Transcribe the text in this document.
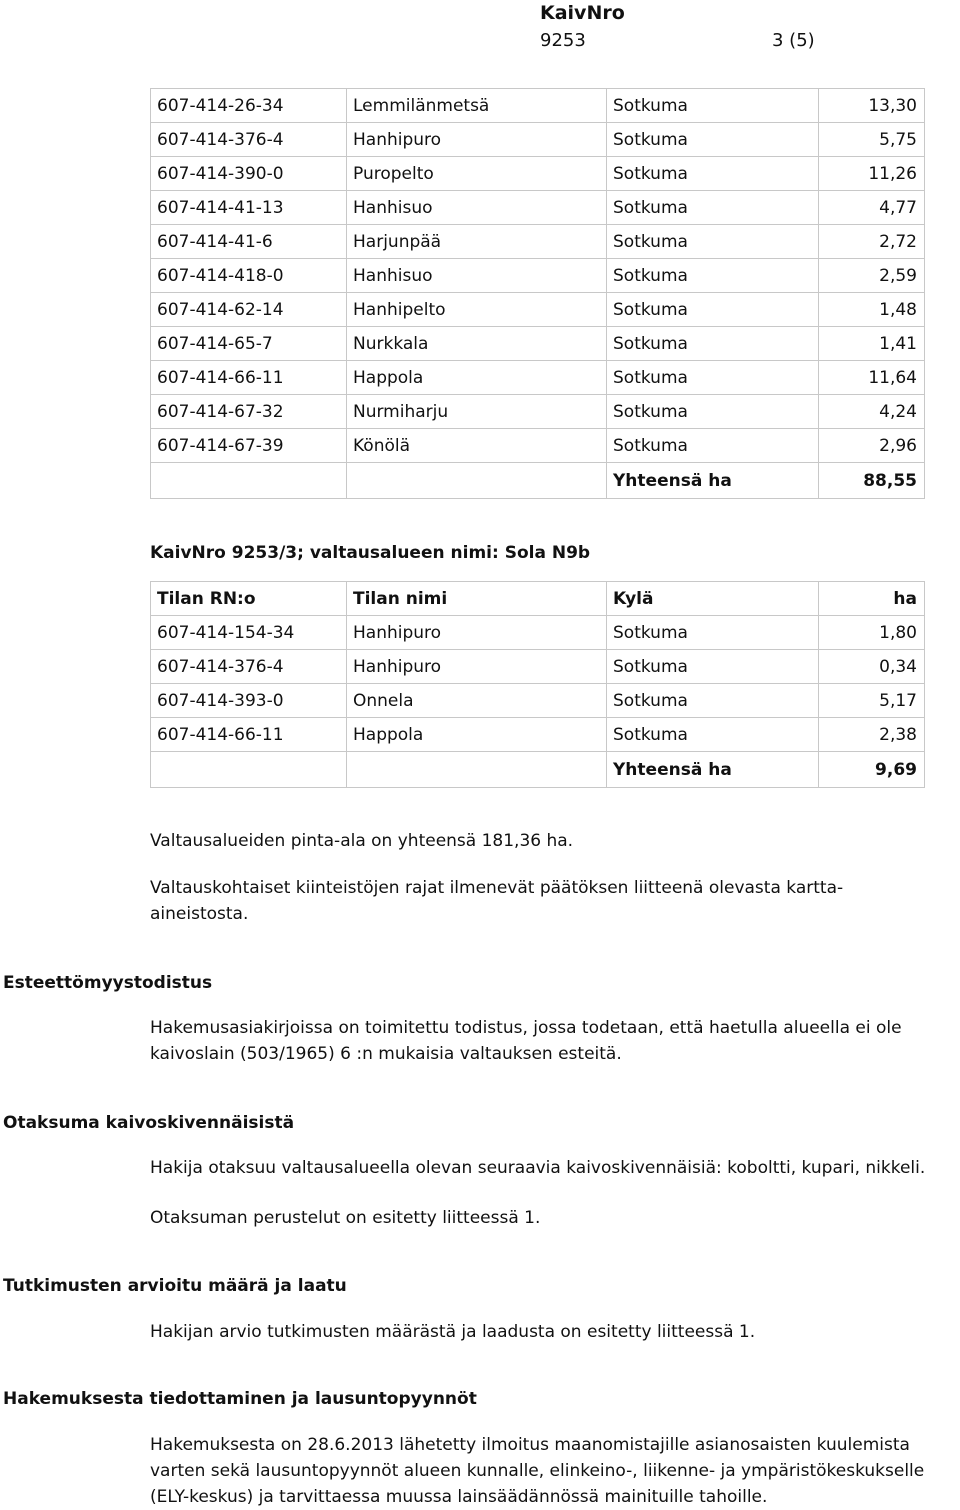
KaivNro
9253	3 (5)
607-414-26-34	Lemmilänmetsä	Sotkuma	13,30
607-414-376-4	Hanhipuro	Sotkuma	5,75
607-414-390-0	Puropelto	Sotkuma	11,26
607-414-41-13	Hanhisuo	Sotkuma	4,77
607-414-41-6	Harjunpää	Sotkuma	2,72
607-414-418-0	Hanhisuo	Sotkuma	2,59
607-414-62-14	Hanhipelto	Sotkuma	1,48
607-414-65-7	Nurkkala	Sotkuma	1,41
607-414-66-11	Happola	Sotkuma	11,64
607-414-67-32	Nurmiharju	Sotkuma	4,24
607-414-67-39	Könölä	Sotkuma	2,96
		Yhteensä ha	88,55
KaivNro 9253/3; valtausalueen nimi: Sola N9b
Tilan RN:o	Tilan nimi	Kylä	ha
607-414-154-34	Hanhipuro	Sotkuma	1,80
607-414-376-4	Hanhipuro	Sotkuma	0,34
607-414-393-0	Onnela	Sotkuma	5,17
607-414-66-11	Happola	Sotkuma	2,38
		Yhteensä ha	9,69
Valtausalueiden pinta-ala on yhteensä 181,36 ha.
Valtauskohtaiset kiinteistöjen rajat ilmenevät päätöksen liitteenä olevasta kartta-aineistosta.
Esteettömyystodistus
Hakemusasiakirjoissa on toimitettu todistus, jossa todetaan, että haetulla alueella ei ole kaivoslain (503/1965) 6 :n mukaisia valtauksen esteitä.
Otaksuma kaivoskivennäisistä
Hakija otaksuu valtausalueella olevan seuraavia kaivoskivennäisiä: koboltti, kupari, nikkeli.
Otaksuman perustelut on esitetty liitteessä 1.
Tutkimusten arvioitu määrä ja laatu
Hakijan arvio tutkimusten määrästä ja laadusta on esitetty liitteessä 1.
Hakemuksesta tiedottaminen ja lausuntopyynnöt
Hakemuksesta on 28.6.2013 lähetetty ilmoitus maanomistajille asianosaisten kuulemista varten sekä lausuntopyynnöt alueen kunnalle, elinkeino-, liikenne- ja ympäristökeskukselle (ELY-keskus) ja tarvittaessa muussa lainsäädännössä mainituille tahoille.
